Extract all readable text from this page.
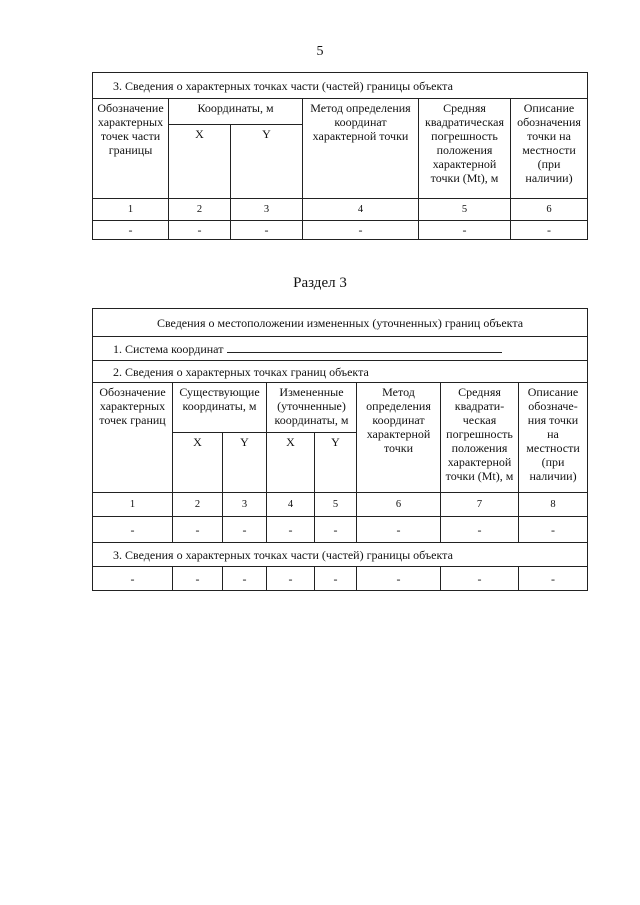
5
3. Сведения о характерных точках части (частей) границы объекта					
Обозначение характерных точек части границы	Координаты, м		Метод определения координат характерной точки	Средняя квадратическая погрешность положения характерной точки (Mt), м	Описание обозначения точки на местности (при наличии)
	X	Y			
1	2	3	4	5	6
-	-	-	-	-	-
Раздел 3
Сведения о местоположении измененных (уточненных) границ объекта							
1. Система координат							
2. Сведения о характерных точках границ объекта							
Обозначение характерных точек границ	Существующие координаты, м		Измененные (уточненные) координаты, м		Метод определения координат характерной точки	Средняя квадрати- ческая погрешность положения характерной точки (Mt), м	Описание обозначе- ния точки на местности (при наличии)
	X	Y	X	Y			
1	2	3	4	5	6	7	8
-	-	-	-	-	-	-	-
3. Сведения о характерных точках части (частей) границы объекта							
-	-	-	-	-	-	-	-
